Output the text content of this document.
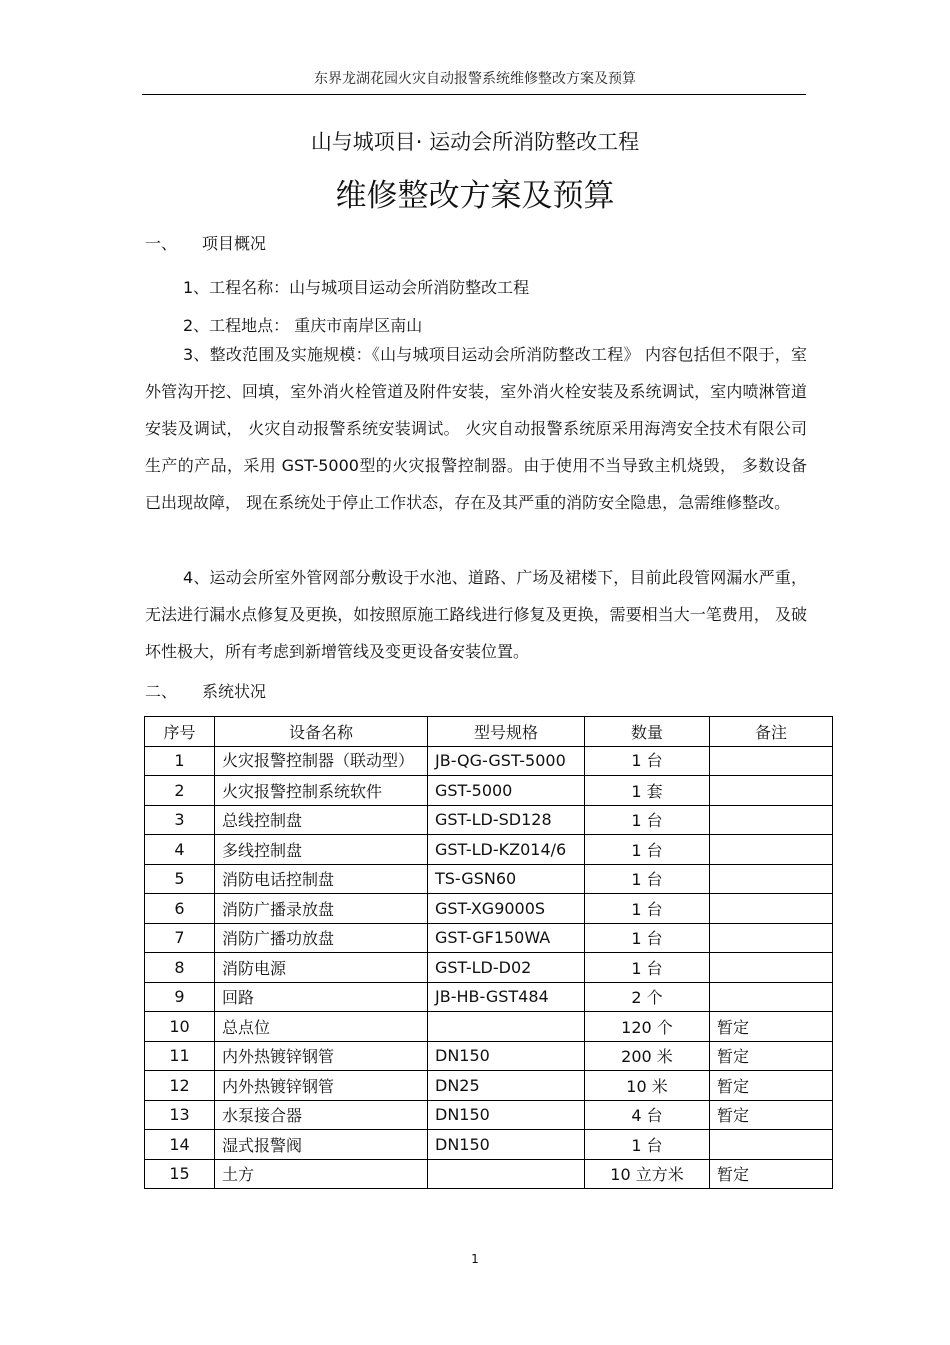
东界龙湖花园火灾自动报警系统维修整改方案及预算
山与城项目· 运动会所消防整改工程
维修整改方案及预算
一、 项目概况
1、工程名称：山与城项目运动会所消防整改工程
2、工程地点： 重庆市南岸区南山

3、整改范围及实施规模：《山与城项目运动会所消防整改工程》 内容包括但不限于，室外管沟开挖、回填，室外消火栓管道及附件安装，室外消火栓安装及系统调试，室内喷淋管道安装及调试， 火灾自动报警系统安装调试。 火灾自动报警系统原采用海湾安全技术有限公司生产的产品，采用 GST-5000型的火灾报警控制器。由于使用不当导致主机烧毁， 多数设备已出现故障， 现在系统处于停止工作状态，存在及其严重的消防安全隐患，急需维修整改。

4、运动会所室外管网部分敷设于水池、道路、广场及裙楼下，目前此段管网漏水严重，无法进行漏水点修复及更换，如按照原施工路线进行修复及更换，需要相当大一笔费用， 及破坏性极大，所有考虑到新增管线及变更设备安装位置。

二、 系统状况
序号	设备名称	型号规格	数量	备注
1	火灾报警控制器（联动型）	JB-QG-GST-5000	1 台	
2	火灾报警控制系统软件	GST-5000	1 套	
3	总线控制盘	GST-LD-SD128	1 台	
4	多线控制盘	GST-LD-KZ014/6	1 台	
5	消防电话控制盘	TS-GSN60	1 台	
6	消防广播录放盘	GST-XG9000S	1 台	
7	消防广播功放盘	GST-GF150WA	1 台	
8	消防电源	GST-LD-D02	1 台	
9	回路	JB-HB-GST484	2 个	
10	总点位		120 个	暂定
11	内外热镀锌钢管	DN150	200 米	暂定
12	内外热镀锌钢管	DN25	10 米	暂定
13	水泵接合器	DN150	4 台	暂定
14	湿式报警阀	DN150	1 台	
15	土方		10 立方米	暂定
1
